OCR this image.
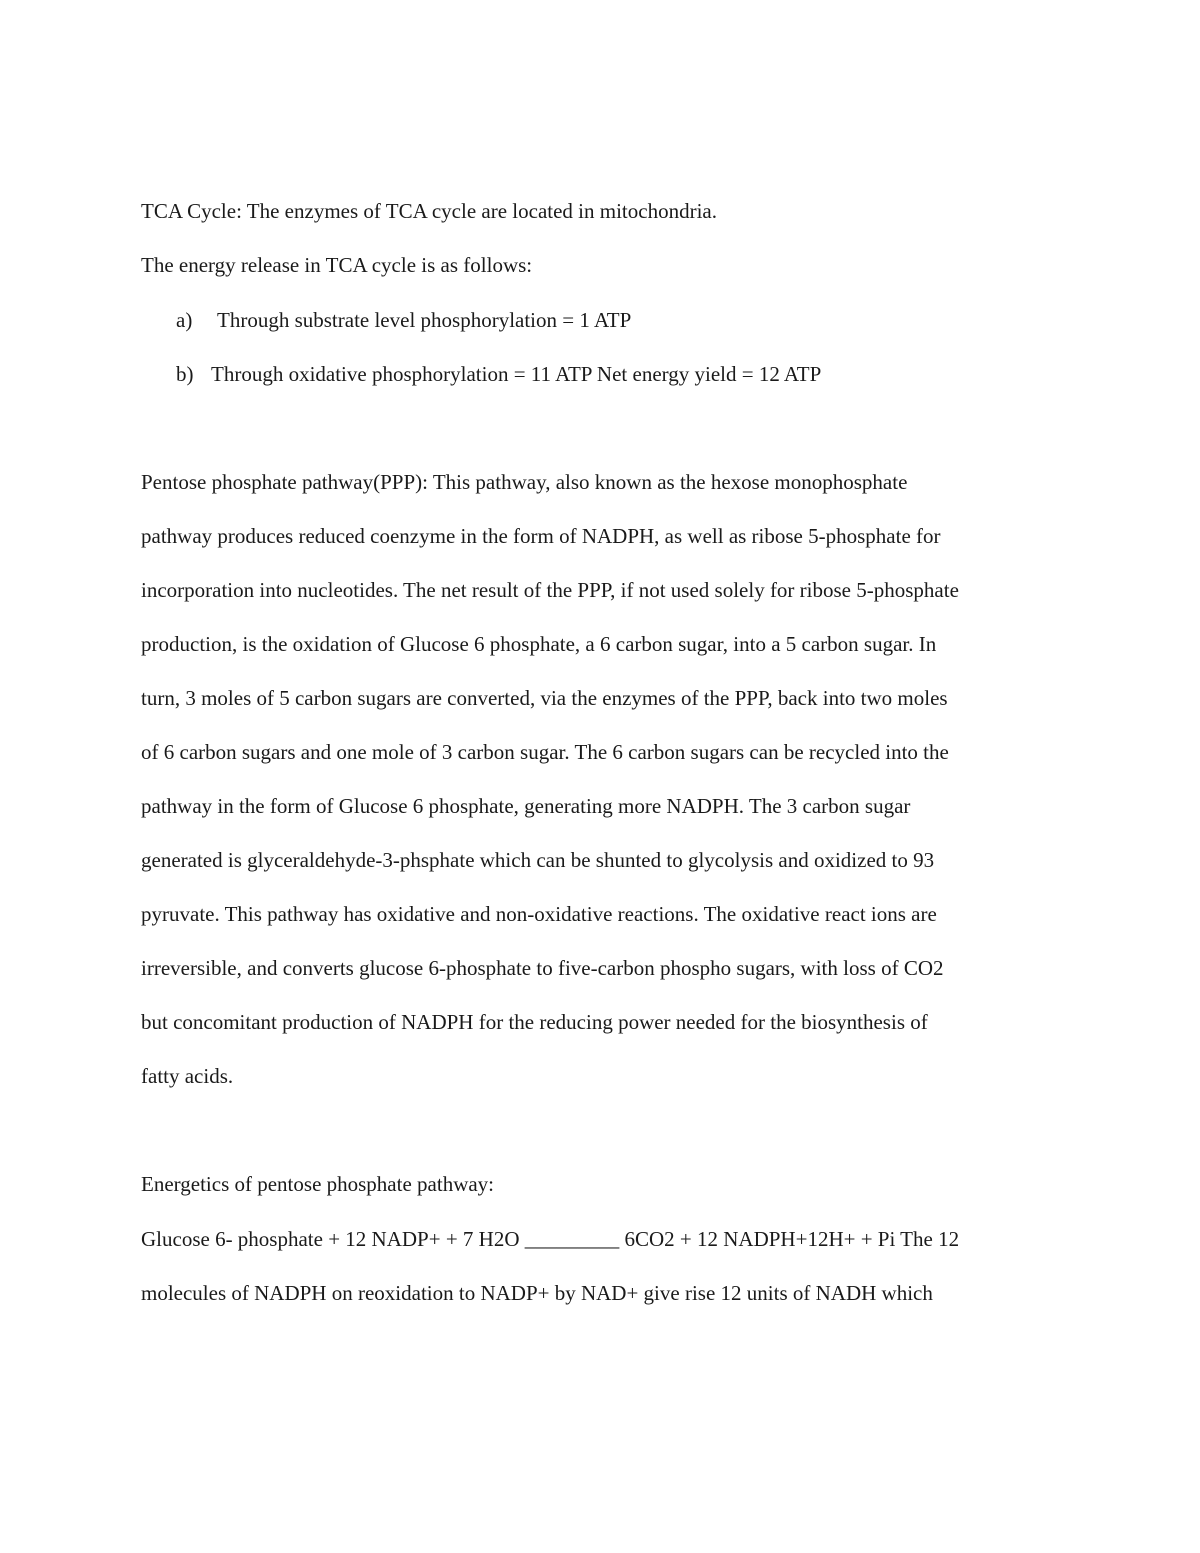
TCA Cycle: The enzymes of TCA cycle are located in mitochondria.
The energy release in TCA cycle is as follows:
a) Through substrate level phosphorylation = 1 ATP
b) Through oxidative phosphorylation = 11 ATP Net energy yield = 12 ATP
Pentose phosphate pathway(PPP): This pathway, also known as the hexose monophosphate
pathway produces reduced coenzyme in the form of NADPH, as well as ribose 5-phosphate for
incorporation into nucleotides. The net result of the PPP, if not used solely for ribose 5-phosphate
production, is the oxidation of Glucose 6 phosphate, a 6 carbon sugar, into a 5 carbon sugar. In
turn, 3 moles of 5 carbon sugars are converted, via the enzymes of the PPP, back into two moles
of 6 carbon sugars and one mole of 3 carbon sugar. The 6 carbon sugars can be recycled into the
pathway in the form of Glucose 6 phosphate, generating more NADPH. The 3 carbon sugar
generated is glyceraldehyde-3-phsphate which can be shunted to glycolysis and oxidized to 93
pyruvate. This pathway has oxidative and non-oxidative reactions. The oxidative react ions are
irreversible, and converts glucose 6-phosphate to five-carbon phospho sugars, with loss of CO2
but concomitant production of NADPH for the reducing power needed for the biosynthesis of
fatty acids.
Energetics of pentose phosphate pathway:
Glucose 6- phosphate + 12 NADP+ + 7 H2O _________ 6CO2 + 12 NADPH+12H+ + Pi The 12
molecules of NADPH on reoxidation to NADP+ by NAD+ give rise 12 units of NADH which
